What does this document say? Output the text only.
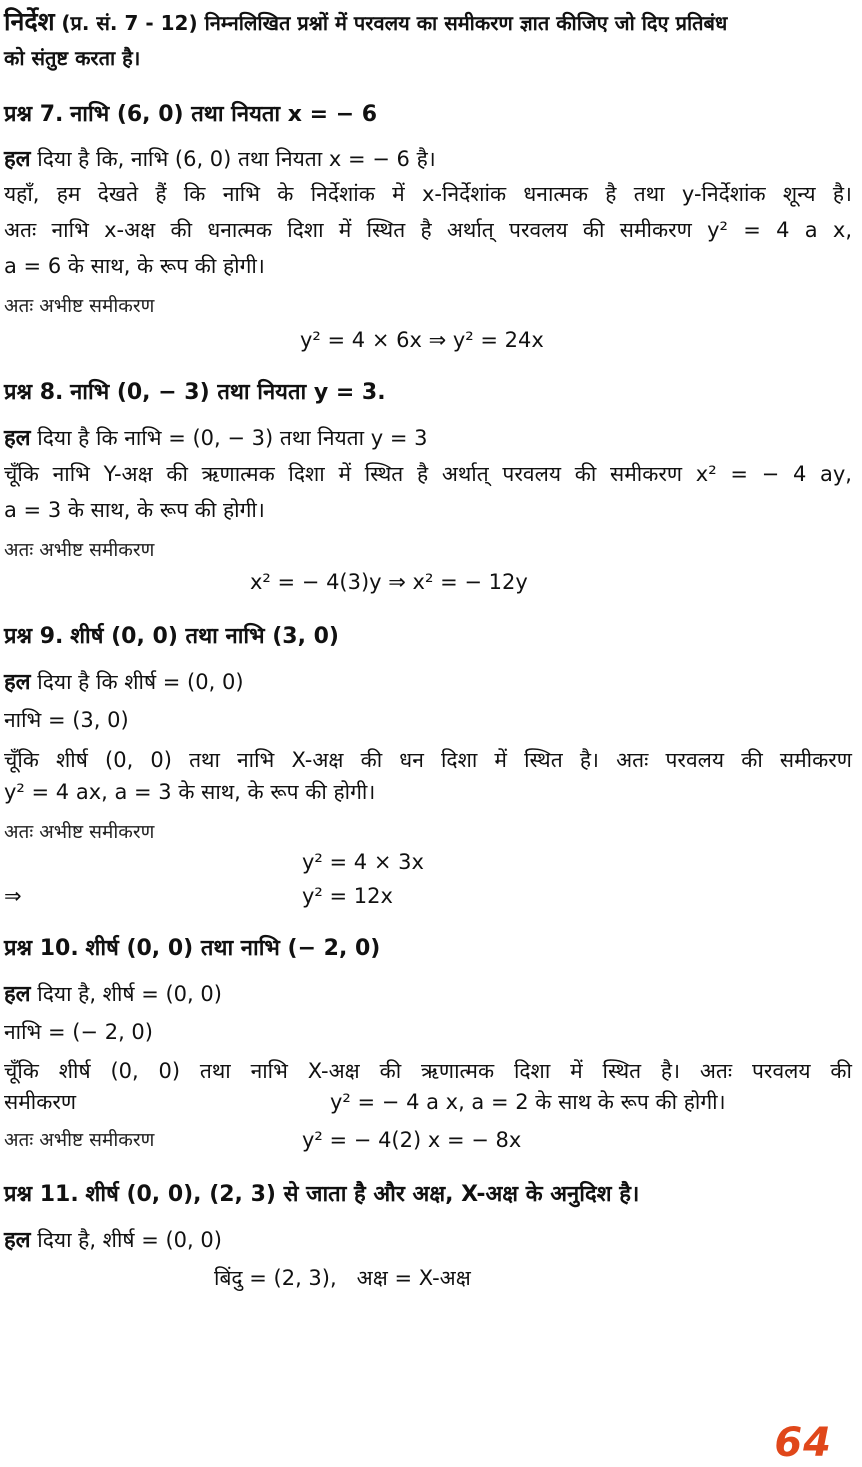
निर्देश (प्र. सं. 7 - 12) निम्नलिखित प्रश्नों में परवलय का समीकरण ज्ञात कीजिए जो दिए प्रतिबंध
को संतुष्ट करता है।
प्रश्न 7. नाभि (6, 0) तथा नियता x = − 6
हल दिया है कि, नाभि (6, 0) तथा नियता x = − 6 है।
यहाँ, हम देखते हैं कि नाभि के निर्देशांक में x-निर्देशांक धनात्मक है तथा y-निर्देशांक शून्य है।
अतः नाभि x-अक्ष की धनात्मक दिशा में स्थित है अर्थात् परवलय की समीकरण y² = 4 a x,
a = 6 के साथ, के रूप की होगी।
अतः अभीष्ट समीकरण
y² = 4 × 6x ⇒ y² = 24x
प्रश्न 8. नाभि (0, − 3) तथा नियता y = 3.
हल दिया है कि नाभि = (0, − 3) तथा नियता y = 3
चूँकि नाभि Y-अक्ष की ऋणात्मक दिशा में स्थित है अर्थात् परवलय की समीकरण x² = − 4 ay,
a = 3 के साथ, के रूप की होगी।
अतः अभीष्ट समीकरण
x² = − 4(3)y ⇒ x² = − 12y
प्रश्न 9. शीर्ष (0, 0) तथा नाभि (3, 0)
हल दिया है कि शीर्ष = (0, 0)
नाभि = (3, 0)
चूँकि शीर्ष (0, 0) तथा नाभि X-अक्ष की धन दिशा में स्थित है। अतः परवलय की समीकरण
y² = 4 ax, a = 3 के साथ, के रूप की होगी।
अतः अभीष्ट समीकरण
y² = 4 × 3x
⇒	y² = 12x
प्रश्न 10. शीर्ष (0, 0) तथा नाभि (− 2, 0)
हल दिया है, शीर्ष = (0, 0)
नाभि = (− 2, 0)
चूँकि शीर्ष (0, 0) तथा नाभि X-अक्ष की ऋणात्मक दिशा में स्थित है। अतः परवलय की
समीकरण	y² = − 4 a x, a = 2 के साथ के रूप की होगी।
अतः अभीष्ट समीकरण	y² = − 4(2) x = − 8x
प्रश्न 11. शीर्ष (0, 0), (2, 3) से जाता है और अक्ष, X-अक्ष के अनुदिश है।
हल दिया है, शीर्ष = (0, 0)
बिंदु = (2, 3),   अक्ष = X-अक्ष
64
